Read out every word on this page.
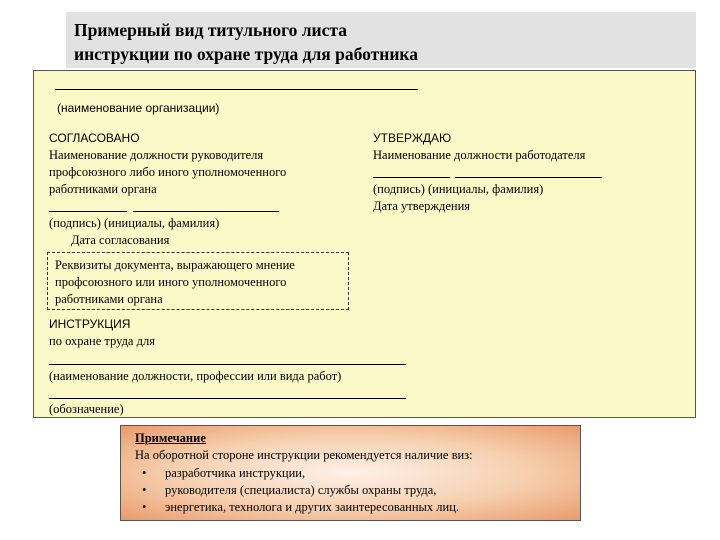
Примерный вид титульного листа
инструкции по охране труда для работника
(наименование организации)
СОГЛАСОВАНО
Наименование должности руководителя
профсоюзного либо иного уполномоченного
работниками органа
(подпись) (инициалы, фамилия)
Дата согласования
УТВЕРЖДАЮ
Наименование должности работодателя
(подпись) (инициалы, фамилия)
Дата утверждения
Реквизиты документа, выражающего мнение
профсоюзного или иного уполномоченного
работниками органа
ИНСТРУКЦИЯ
по охране труда для
(наименование должности, профессии или вида работ)
(обозначение)
Примечание
На оборотной стороне инструкции рекомендуется наличие виз:
• разработчика инструкции,
• руководителя (специалиста) службы охраны труда,
• энергетика, технолога и других заинтересованных лиц.
